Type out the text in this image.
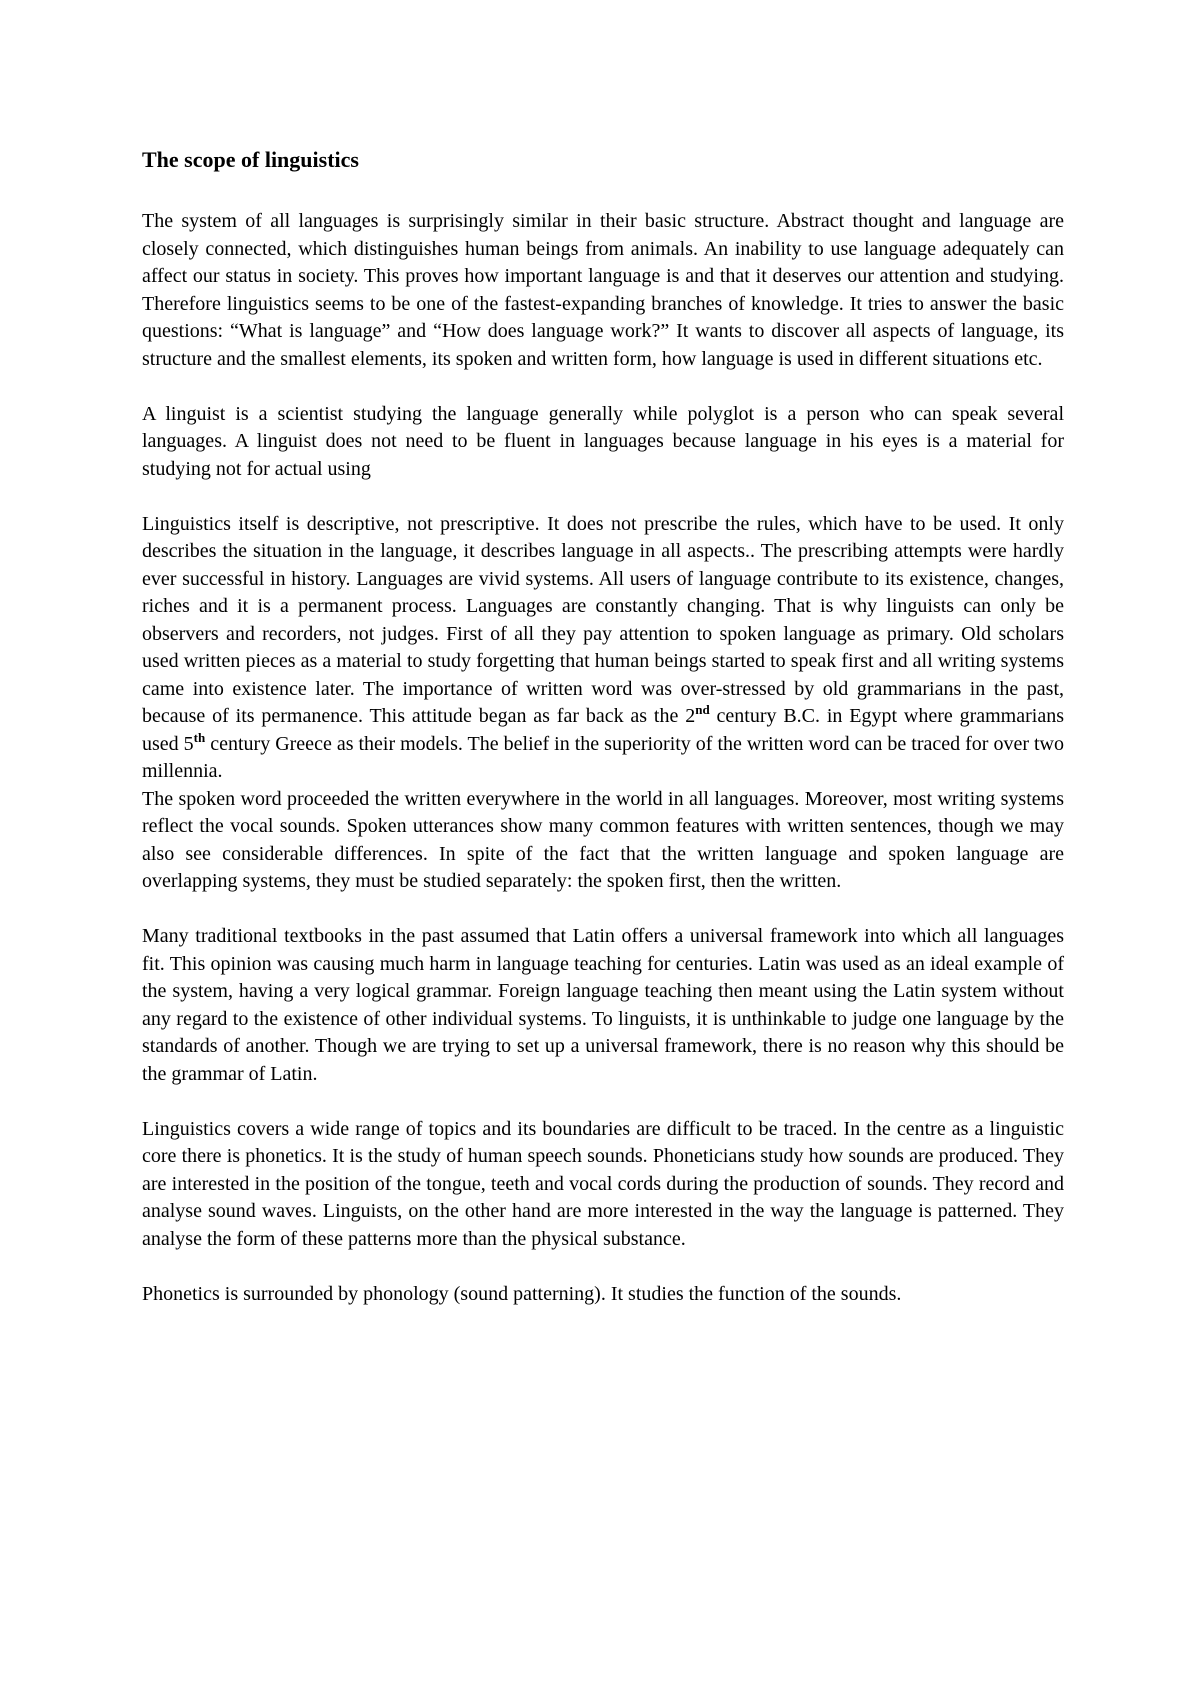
The scope of linguistics

The system of all languages is surprisingly similar in their basic structure. Abstract thought and language are closely connected, which distinguishes human beings from animals. An inability to use language adequately can affect our status in society. This proves how important language is and that it deserves our attention and studying. Therefore linguistics seems to be one of the fastest-expanding branches of knowledge. It tries to answer the basic questions: “What is language” and “How does language work?” It wants to discover all aspects of language, its structure and the smallest elements, its spoken and written form, how language is used in different situations etc.

A linguist is a scientist studying the language generally while polyglot is a person who can speak several languages. A linguist does not need to be fluent in languages because language in his eyes is a material for studying not for actual using

Linguistics itself is descriptive, not prescriptive. It does not prescribe the rules, which have to be used. It only describes the situation in the language, it describes language in all aspects.. The prescribing attempts were hardly ever successful in history. Languages are vivid systems. All users of language contribute to its existence, changes, riches and it is a permanent process. Languages are constantly changing. That is why linguists can only be observers and recorders, not judges. First of all they pay attention to spoken language as primary. Old scholars used written pieces as a material to study forgetting that human beings started to speak first and all writing systems came into existence later. The importance of written word was over-stressed by old grammarians in the past, because of its permanence. This attitude began as far back as the 2nd century B.C. in Egypt where grammarians used 5th century Greece as their models. The belief in the superiority of the written word can be traced for over two millennia.

The spoken word proceeded the written everywhere in the world in all languages. Moreover, most writing systems reflect the vocal sounds. Spoken utterances show many common features with written sentences, though we may also see considerable differences. In spite of the fact that the written language and spoken language are overlapping systems, they must be studied separately: the spoken first, then the written.

Many traditional textbooks in the past assumed that Latin offers a universal framework into which all languages fit. This opinion was causing much harm in language teaching for centuries. Latin was used as an ideal example of the system, having a very logical grammar. Foreign language teaching then meant using the Latin system without any regard to the existence of other individual systems. To linguists, it is unthinkable to judge one language by the standards of another. Though we are trying to set up a universal framework, there is no reason why this should be the grammar of Latin.

Linguistics covers a wide range of topics and its boundaries are difficult to be traced. In the centre as a linguistic core there is phonetics. It is the study of human speech sounds. Phoneticians study how sounds are produced. They are interested in the position of the tongue, teeth and vocal cords during the production of sounds. They record and analyse sound waves. Linguists, on the other hand are more interested in the way the language is patterned. They analyse the form of these patterns more than the physical substance.

Phonetics is surrounded by phonology (sound patterning). It studies the function of the sounds.
